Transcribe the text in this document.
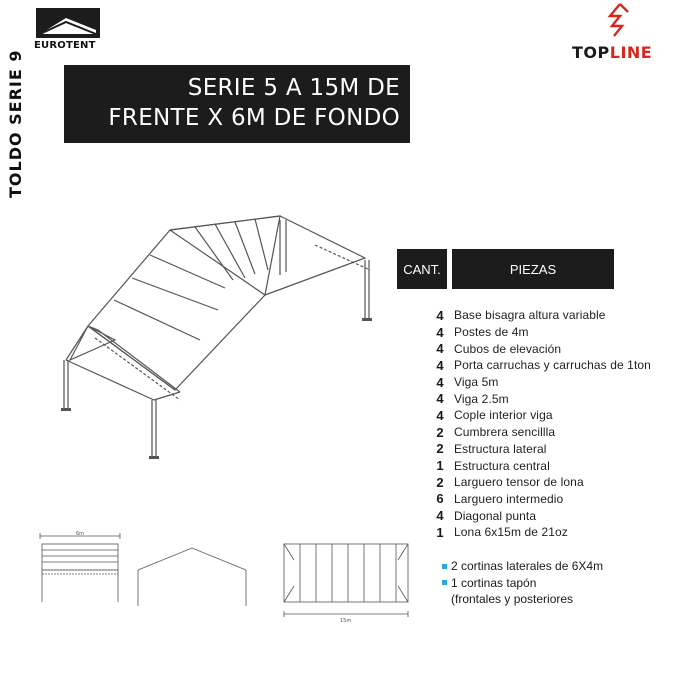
TOLDO SERIE 9
EUROTENT	TOPLINE
SERIE 5 A 15M DE
FRENTE X 6M DE FONDO
6m
15m
CANT.	PIEZAS
4 Base bisagra altura variable
4 Postes de 4m
4 Cubos de elevación
4 Porta carruchas y carruchas de 1ton
4 Viga 5m
4 Viga 2.5m
4 Cople interior viga
2 Cumbrera sencillla
2 Estructura lateral
1 Estructura central
2 Larguero tensor de lona
6 Larguero intermedio
4 Diagonal punta
1 Lona 6x15m de 21oz
2 cortinas laterales de 6X4m
1 cortinas tapón
(frontales y posteriores
